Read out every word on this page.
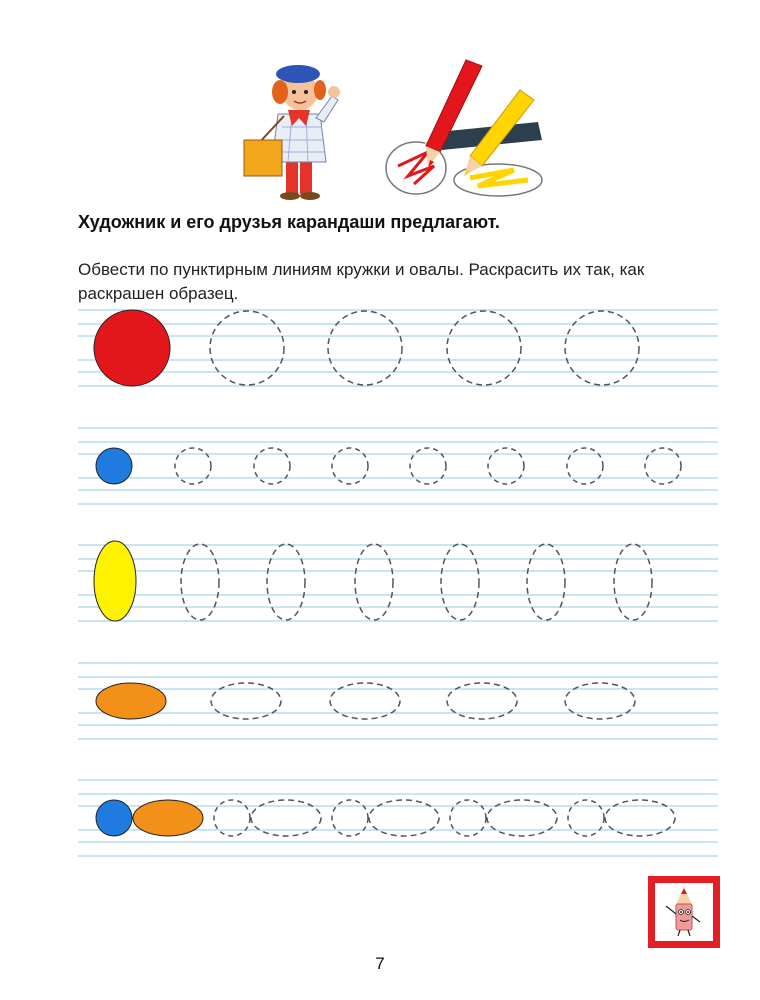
Художник и его друзья карандаши предлагают.

Обвести по пунктирным линиям кружки и овалы. Раскрасить их так, как раскрашен образец.

7
